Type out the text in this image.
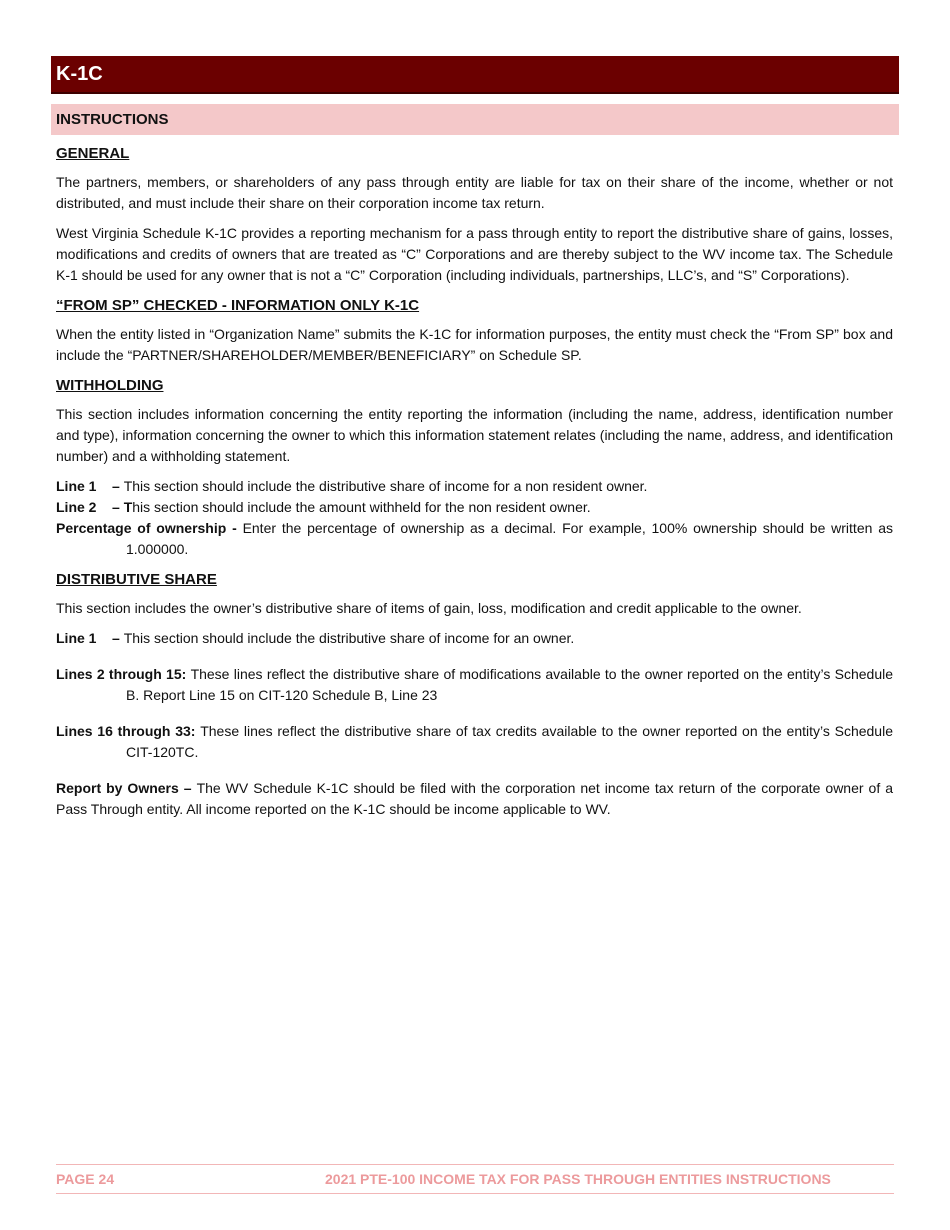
K-1C
INSTRUCTIONS
GENERAL

The partners, members, or shareholders of any pass through entity are liable for tax on their share of the income, whether or not distributed, and must include their share on their corporation income tax return.

West Virginia Schedule K-1C provides a reporting mechanism for a pass through entity to report the distributive share of gains, losses, modifications and credits of owners that are treated as “C” Corporations and are thereby subject to the WV income tax. The Schedule K-1 should be used for any owner that is not a “C” Corporation (including individuals, partnerships, LLC’s, and “S” Corporations).

“FROM SP” CHECKED - INFORMATION ONLY K-1C

When the entity listed in “Organization Name” submits the K-1C for information purposes, the entity must check the “From SP” box and include the “PARTNER/SHAREHOLDER/MEMBER/BENEFICIARY” on Schedule SP.

WITHHOLDING

This section includes information concerning the entity reporting the information (including the name, address, identification number and type), information concerning the owner to which this information statement relates (including the name, address, and identification number) and a withholding statement.

Line 1    – This section should include the distributive share of income for a non resident owner.

Line 2    – This section should include the amount withheld for the non resident owner.

Percentage of ownership - Enter the percentage of ownership as a decimal. For example, 100% ownership should be written as 1.000000.

DISTRIBUTIVE SHARE

This section includes the owner’s distributive share of items of gain, loss, modification and credit applicable to the owner.

Line 1    – This section should include the distributive share of income for an owner.

Lines 2 through 15: These lines reflect the distributive share of modifications available to the owner reported on the entity’s Schedule B. Report Line 15 on CIT-120 Schedule B, Line 23

Lines 16 through 33: These lines reflect the distributive share of tax credits available to the owner reported on the entity’s Schedule CIT-120TC.

Report by Owners – The WV Schedule K-1C should be filed with the corporation net income tax return of the corporate owner of a Pass Through entity. All income reported on the K-1C should be income applicable to WV.

PAGE 24	2021 PTE-100 INCOME TAX FOR PASS THROUGH ENTITIES INSTRUCTIONS
